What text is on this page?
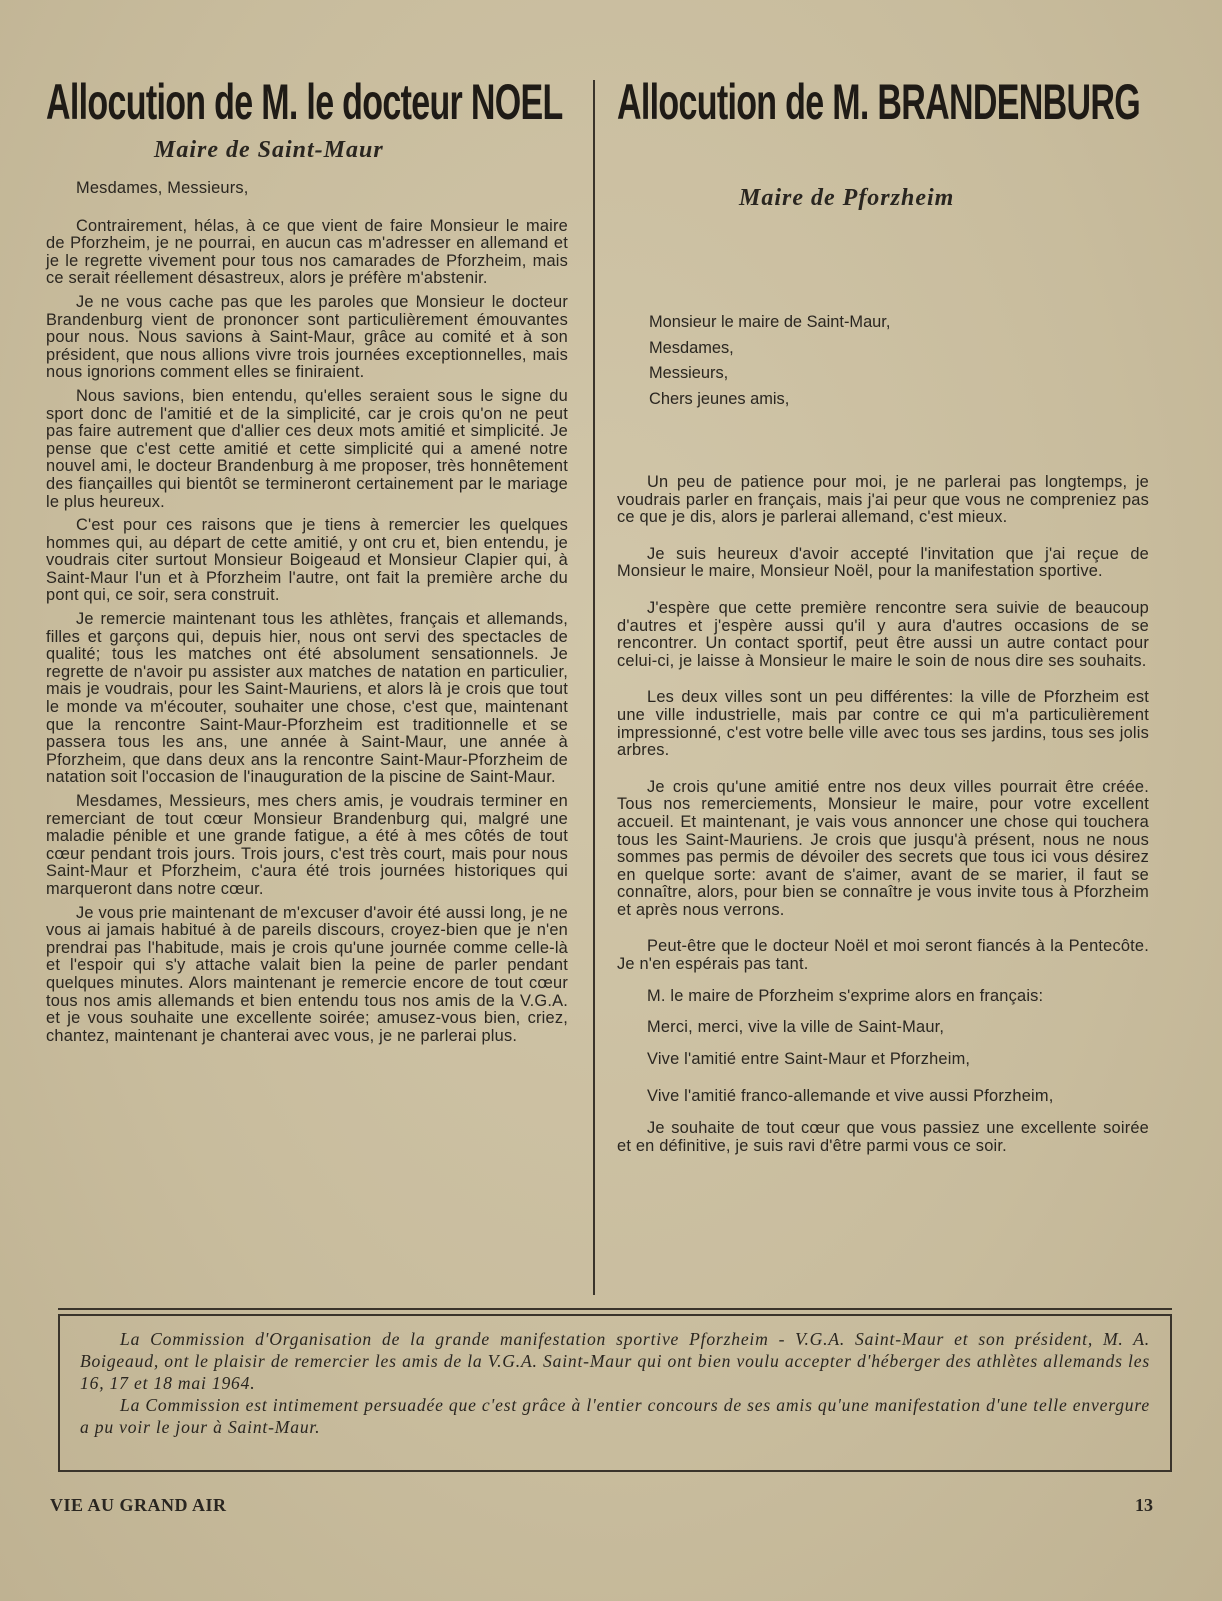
Allocution de M. le docteur NOEL
Maire de Saint-Maur

Mesdames, Messieurs,

Contrairement, hélas, à ce que vient de faire Monsieur le maire de Pforzheim, je ne pourrai, en aucun cas m'adresser en allemand et je le regrette vivement pour tous nos camarades de Pforzheim, mais ce serait réellement désastreux, alors je préfère m'abstenir.

Je ne vous cache pas que les paroles que Monsieur le docteur Brandenburg vient de prononcer sont particulièrement émouvantes pour nous. Nous savions à Saint-Maur, grâce au comité et à son président, que nous allions vivre trois journées exceptionnelles, mais nous ignorions comment elles se finiraient.

Nous savions, bien entendu, qu'elles seraient sous le signe du sport donc de l'amitié et de la simplicité, car je crois qu'on ne peut pas faire autrement que d'allier ces deux mots amitié et simplicité. Je pense que c'est cette amitié et cette simplicité qui a amené notre nouvel ami, le docteur Brandenburg à me proposer, très honnêtement des fiançailles qui bientôt se termineront certainement par le mariage le plus heureux.

C'est pour ces raisons que je tiens à remercier les quelques hommes qui, au départ de cette amitié, y ont cru et, bien entendu, je voudrais citer surtout Monsieur Boigeaud et Monsieur Clapier qui, à Saint-Maur l'un et à Pforzheim l'autre, ont fait la première arche du pont qui, ce soir, sera construit.

Je remercie maintenant tous les athlètes, français et allemands, filles et garçons qui, depuis hier, nous ont servi des spectacles de qualité; tous les matches ont été absolument sensationnels. Je regrette de n'avoir pu assister aux matches de natation en particulier, mais je voudrais, pour les Saint-Mauriens, et alors là je crois que tout le monde va m'écouter, souhaiter une chose, c'est que, maintenant que la rencontre Saint-Maur-Pforzheim est traditionnelle et se passera tous les ans, une année à Saint-Maur, une année à Pforzheim, que dans deux ans la rencontre Saint-Maur-Pforzheim de natation soit l'occasion de l'inauguration de la piscine de Saint-Maur.

Mesdames, Messieurs, mes chers amis, je voudrais terminer en remerciant de tout cœur Monsieur Brandenburg qui, malgré une maladie pénible et une grande fatigue, a été à mes côtés de tout cœur pendant trois jours. Trois jours, c'est très court, mais pour nous Saint-Maur et Pforzheim, c'aura été trois journées historiques qui marqueront dans notre cœur.

Je vous prie maintenant de m'excuser d'avoir été aussi long, je ne vous ai jamais habitué à de pareils discours, croyez-bien que je n'en prendrai pas l'habitude, mais je crois qu'une journée comme celle-là et l'espoir qui s'y attache valait bien la peine de parler pendant quelques minutes. Alors maintenant je remercie encore de tout cœur tous nos amis allemands et bien entendu tous nos amis de la V.G.A. et je vous souhaite une excellente soirée; amusez-vous bien, criez, chantez, maintenant je chanterai avec vous, je ne parlerai plus.

Allocution de M. BRANDENBURG
Maire de Pforzheim
Monsieur le maire de Saint-Maur,
Mesdames,
Messieurs,
Chers jeunes amis,

Un peu de patience pour moi, je ne parlerai pas longtemps, je voudrais parler en français, mais j'ai peur que vous ne compreniez pas ce que je dis, alors je parlerai allemand, c'est mieux.

Je suis heureux d'avoir accepté l'invitation que j'ai reçue de Monsieur le maire, Monsieur Noël, pour la manifestation sportive.

J'espère que cette première rencontre sera suivie de beaucoup d'autres et j'espère aussi qu'il y aura d'autres occasions de se rencontrer. Un contact sportif, peut être aussi un autre contact pour celui-ci, je laisse à Monsieur le maire le soin de nous dire ses souhaits.

Les deux villes sont un peu différentes: la ville de Pforzheim est une ville industrielle, mais par contre ce qui m'a particulièrement impressionné, c'est votre belle ville avec tous ses jardins, tous ses jolis arbres.

Je crois qu'une amitié entre nos deux villes pourrait être créée. Tous nos remerciements, Monsieur le maire, pour votre excellent accueil. Et maintenant, je vais vous annoncer une chose qui touchera tous les Saint-Mauriens. Je crois que jusqu'à présent, nous ne nous sommes pas permis de dévoiler des secrets que tous ici vous désirez en quelque sorte: avant de s'aimer, avant de se marier, il faut se connaître, alors, pour bien se connaître je vous invite tous à Pforzheim et après nous verrons.

Peut-être que le docteur Noël et moi seront fiancés à la Pentecôte. Je n'en espérais pas tant.

M. le maire de Pforzheim s'exprime alors en français:

Merci, merci, vive la ville de Saint-Maur,

Vive l'amitié entre Saint-Maur et Pforzheim,

Vive l'amitié franco-allemande et vive aussi Pforzheim,

Je souhaite de tout cœur que vous passiez une excellente soirée et en définitive, je suis ravi d'être parmi vous ce soir.

La Commission d'Organisation de la grande manifestation sportive Pforzheim - V.G.A. Saint-Maur et son président, M. A. Boigeaud, ont le plaisir de remercier les amis de la V.G.A. Saint-Maur qui ont bien voulu accepter d'héberger des athlètes allemands les 16, 17 et 18 mai 1964.

La Commission est intimement persuadée que c'est grâce à l'entier concours de ses amis qu'une manifestation d'une telle envergure a pu voir le jour à Saint-Maur.

VIE AU GRAND AIR	13
